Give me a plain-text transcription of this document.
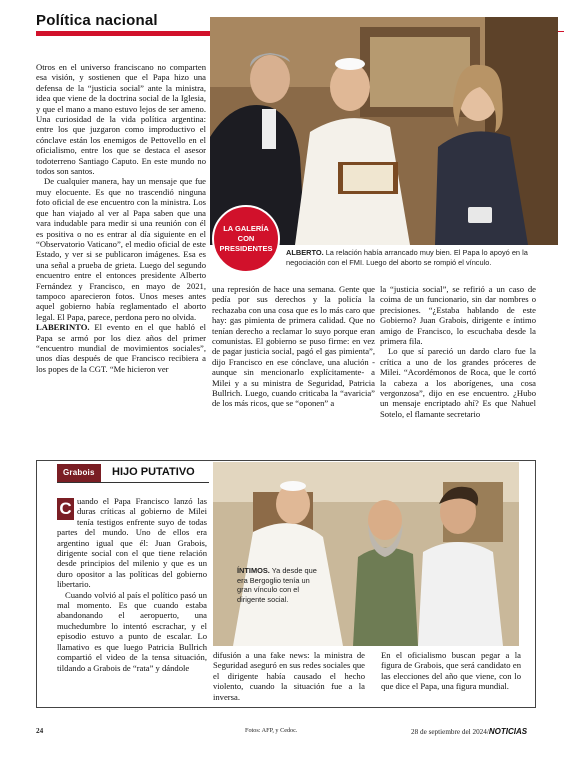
Política nacional
LA GALERÍA
CON
PRESIDENTES	ALBERTO. La relación había arrancado muy bien. El Papa lo apoyó en la negociación con el FMI. Luego del aborto se rompió el vínculo.

Otros en el universo franciscano no comparten esa visión, y sostienen que el Papa hizo una defensa de la “justicia social” ante la ministra, idea que viene de la doctrina social de la Iglesia, y que el mano a mano estuvo lejos de ser ameno. Una curiosidad de la vida política argentina: entre los que juzgaron como improductivo el cónclave están los enemigos de Pettovello en el oficialismo, entre los que se destaca el asesor todoterreno Santiago Caputo. En este mundo no todos son santos.

De cualquier manera, hay un mensaje que fue muy elocuente. Es que no trascendió ninguna foto oficial de ese encuentro con la ministra. Los que han viajado al ver al Papa saben que una vara indudable para medir si una reunión con él es positiva o no es entrar al día siguiente en el “Observatorio Vaticano”, el medio oficial de este Estado, y ver si se publicaron imágenes. Esa es una señal a prueba de grieta. Luego del segundo encuentro entre el entonces presidente Alberto Fernández y Francisco, en mayo de 2021, tampoco aparecieron fotos. Unos meses antes aquel gobierno había reglamentado el aborto legal. El Papa, parece, perdona pero no olvida.

LABERINTO. El evento en el que habló el Papa se armó por los diez años del primer “encuentro mundial de movimientos sociales”, unos días después de que Francisco recibiera a los popes de la CGT. “Me hicieron ver

una represión de hace una semana. Gente que pedía por sus derechos y la policía la rechazaba con una cosa que es lo más caro que hay: gas pimienta de primera calidad. Que no tenían derecho a reclamar lo suyo porque eran comunistas. El gobierno se puso firme: en vez de pagar justicia social, pagó el gas pimienta”, dijo Francisco en ese cónclave, una alución -aunque sin mencionarlo explícitamente- a Milei y a su ministra de Seguridad, Patricia Bullrich. Luego, cuando criticaba la “avaricia” de los más ricos, que se “oponen” a

la “justicia social”, se refirió a un caso de coima de un funcionario, sin dar nombres o precisiones. “¿Estaba hablando de este Gobierno? Juan Grabois, dirigente e íntimo amigo de Francisco, lo escuchaba desde la primera fila.

Lo que sí pareció un dardo claro fue la crítica a uno de los grandes próceres de Milei. “Acordémonos de Roca, que le cortó la cabeza a los aborígenes, una cosa vergonzosa”, dijo en ese encuentro. ¿Hubo un mensaje encriptado ahí? Es que Nahuel Sotelo, el flamante secretario

Grabois	HIJO PUTATIVO

C uando el Papa Francisco lanzó las duras críticas al gobierno de Milei tenía testigos enfrente suyo de todas partes del mundo. Uno de ellos era argentino igual que él: Juan Grabois, dirigente social con el que tiene relación desde principios del milenio y que es un duro opositor a las políticas del gobierno libertario.

Cuando volvió al país el político pasó un mal momento. Es que cuando estaba abandonando el aeropuerto, una muchedumbre lo intentó escrachar, y el episodio estuvo a punto de escalar. Lo llamativo es que luego Patricia Bullrich compartió el video de la tensa situación, tildando a Grabois de “rata” y dándole

ÍNTIMOS. Ya desde que era Bergoglio tenía un gran vínculo con el dirigente social.

difusión a una fake news: la ministra de Seguridad aseguró en sus redes sociales que el dirigente había causado el hecho violento, cuando la situación fue a la inversa.

En el oficialismo buscan pegar a la figura de Grabois, que será candidato en las elecciones del año que viene, con lo que dice el Papa, una figura mundial.

24	Fotos: AFP, y Cedoc.	28 de septiembre del 2024/NOTICIAS
